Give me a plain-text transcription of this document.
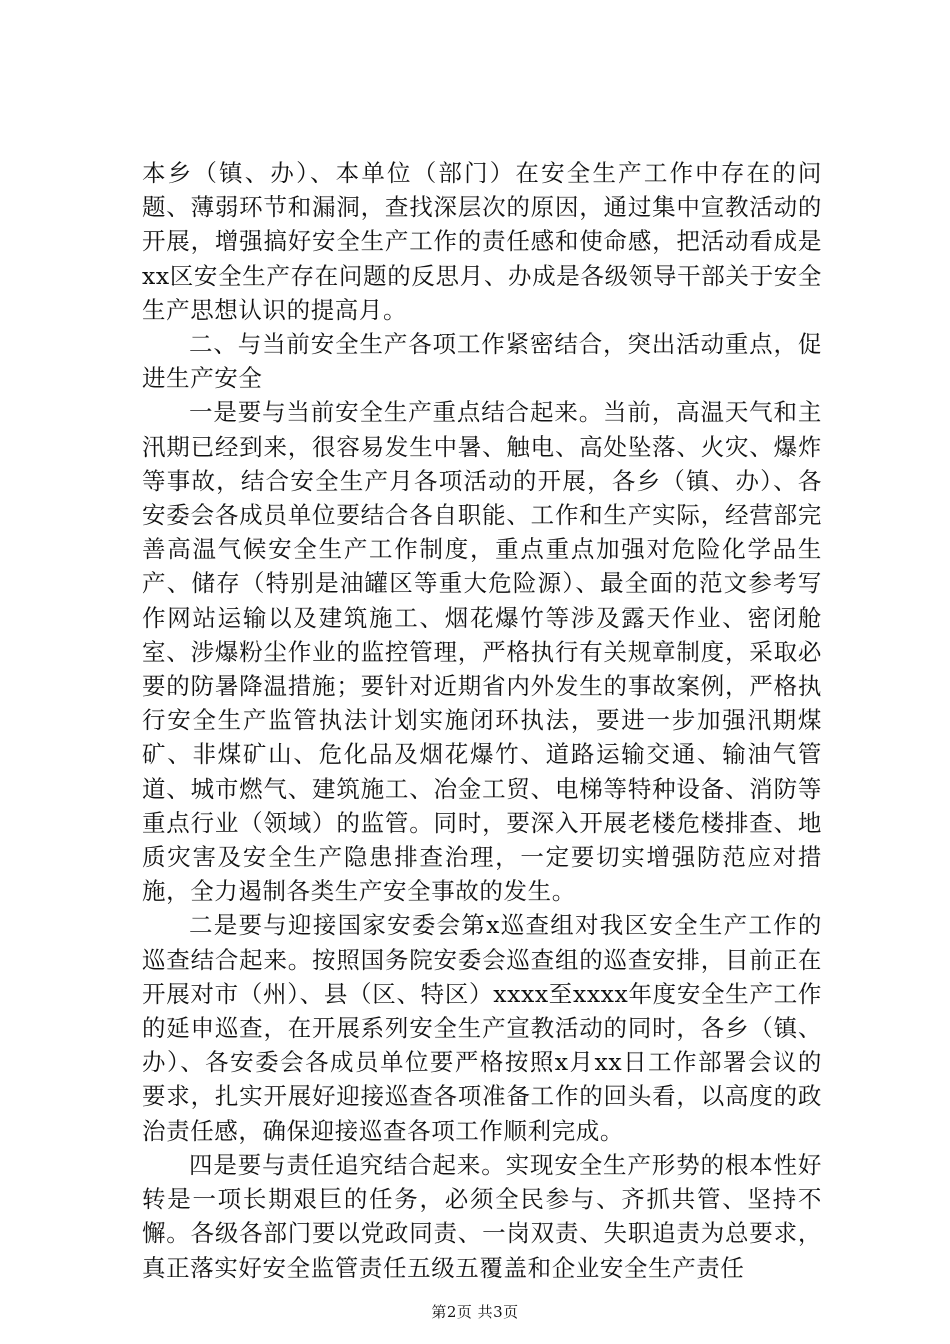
本乡（镇、办）、本单位（部门）在安全生产工作中存在的问题、薄弱环节和漏洞，查找深层次的原因，通过集中宣教活动的开展，增强搞好安全生产工作的责任感和使命感，把活动看成是xx区安全生产存在问题的反思月、办成是各级领导干部关于安全生产思想认识的提高月。

二、与当前安全生产各项工作紧密结合，突出活动重点，促进生产安全

一是要与当前安全生产重点结合起来。当前，高温天气和主汛期已经到来，很容易发生中暑、触电、高处坠落、火灾、爆炸等事故，结合安全生产月各项活动的开展，各乡（镇、办）、各安委会各成员单位要结合各自职能、工作和生产实际，经营部完善高温气候安全生产工作制度，重点重点加强对危险化学品生产、储存（特别是油罐区等重大危险源）、最全面的范文参考写作网站运输以及建筑施工、烟花爆竹等涉及露天作业、密闭舱室、涉爆粉尘作业的监控管理，严格执行有关规章制度，采取必要的防暑降温措施；要针对近期省内外发生的事故案例，严格执行安全生产监管执法计划实施闭环执法，要进一步加强汛期煤矿、非煤矿山、危化品及烟花爆竹、道路运输交通、输油气管道、城市燃气、建筑施工、冶金工贸、电梯等特种设备、消防等重点行业（领域）的监管。同时，要深入开展老楼危楼排查、地质灾害及安全生产隐患排查治理，一定要切实增强防范应对措施，全力遏制各类生产安全事故的发生。

二是要与迎接国家安委会第x巡查组对我区安全生产工作的巡查结合起来。按照国务院安委会巡查组的巡查安排，目前正在开展对市（州）、县（区、特区）xxxx至xxxx年度安全生产工作的延申巡查，在开展系列安全生产宣教活动的同时，各乡（镇、办）、各安委会各成员单位要严格按照x月xx日工作部署会议的要求，扎实开展好迎接巡查各项准备工作的回头看，以高度的政治责任感，确保迎接巡查各项工作顺利完成。

四是要与责任追究结合起来。实现安全生产形势的根本性好转是一项长期艰巨的任务，必须全民参与、齐抓共管、坚持不懈。各级各部门要以党政同责、一岗双责、失职追责为总要求，真正落实好安全监管责任五级五覆盖和企业安全生产责任

第2页 共3页
